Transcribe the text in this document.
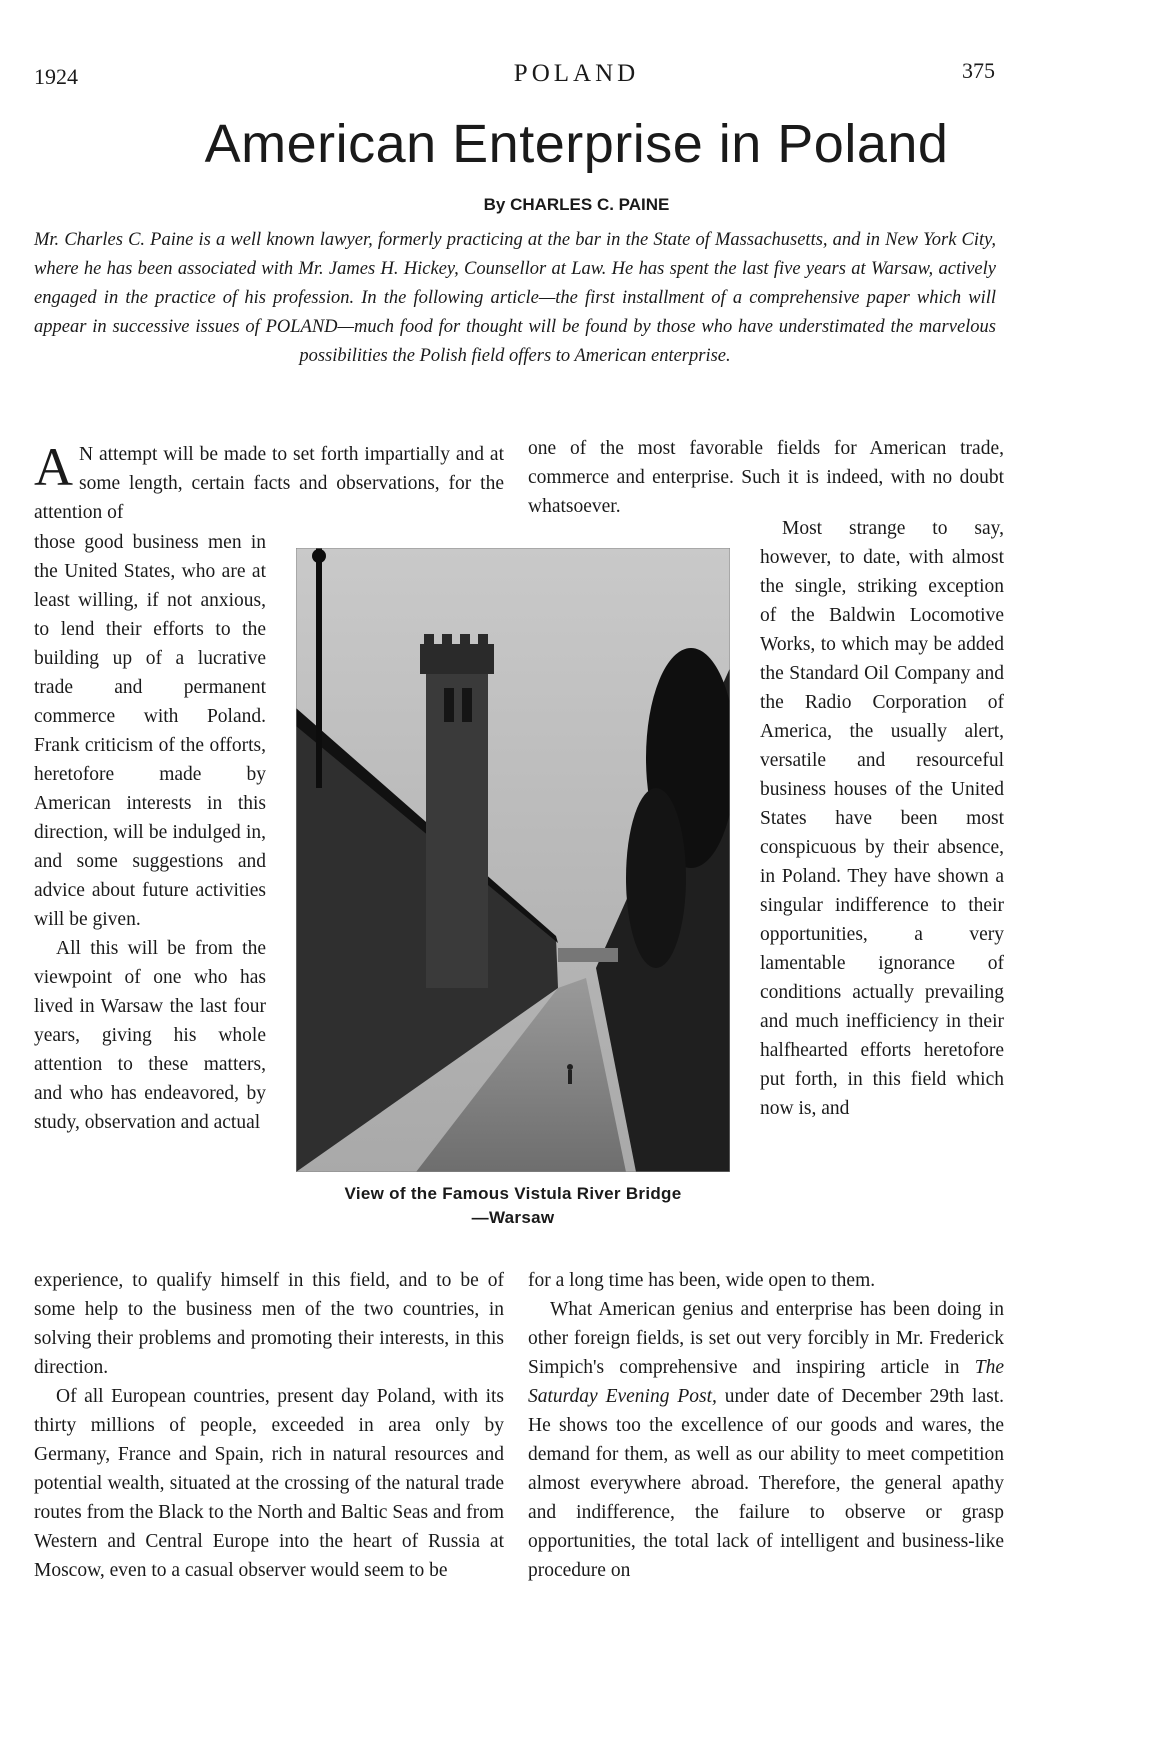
1924	POLAND	375
American Enterprise in Poland
By CHARLES C. PAINE
Mr. Charles C. Paine is a well known lawyer, formerly practicing at the bar in the State of Massachusetts, and in New York City, where he has been associated with Mr. James H. Hickey, Counsellor at Law. He has spent the last five years at Warsaw, actively engaged in the practice of his profession. In the following article—the first installment of a comprehensive paper which will appear in successive issues of POLAND—much food for thought will be found by those who have understimated the marvelous possibilities the Polish field offers to American enterprise.

A N attempt will be made to set forth impartially and at some length, certain facts and observations, for the attention of

those good business men in the United States, who are at least willing, if not anxious, to lend their efforts to the building up of a lucrative trade and permanent commerce with Poland. Frank criticism of the offorts, heretofore made by American interests in this direction, will be indulged in, and some suggestions and advice about future activities will be given.

All this will be from the viewpoint of one who has lived in Warsaw the last four years, giving his whole attention to these matters, and who has endeavored, by study, observation and actual

experience, to qualify himself in this field, and to be of some help to the business men of the two countries, in solving their problems and promoting their interests, in this direction.

Of all European countries, present day Poland, with its thirty millions of people, exceeded in area only by Germany, France and Spain, rich in natural resources and potential wealth, situated at the crossing of the natural trade routes from the Black to the North and Baltic Seas and from Western and Central Europe into the heart of Russia at Moscow, even to a casual observer would seem to be

one of the most favorable fields for American trade, commerce and enterprise. Such it is indeed, with no doubt whatsoever.

Most strange to say, however, to date, with almost the single, striking exception of the Baldwin Locomotive Works, to which may be added the Standard Oil Company and the Radio Corporation of America, the usually alert, versatile and resourceful business houses of the United States have been most conspicuous by their absence, in Poland. They have shown a singular indifference to their opportunities, a very lamentable ignorance of conditions actually prevailing and much inefficiency in their halfhearted efforts heretofore put forth, in this field which now is, and

for a long time has been, wide open to them.

What American genius and enterprise has been doing in other foreign fields, is set out very forcibly in Mr. Frederick Simpich's comprehensive and inspiring article in The Saturday Evening Post, under date of December 29th last. He shows too the excellence of our goods and wares, the demand for them, as well as our ability to meet competition almost everywhere abroad. Therefore, the general apathy and indifference, the failure to observe or grasp opportunities, the total lack of intelligent and business-like procedure on

View of the Famous Vistula River Bridge
—Warsaw
